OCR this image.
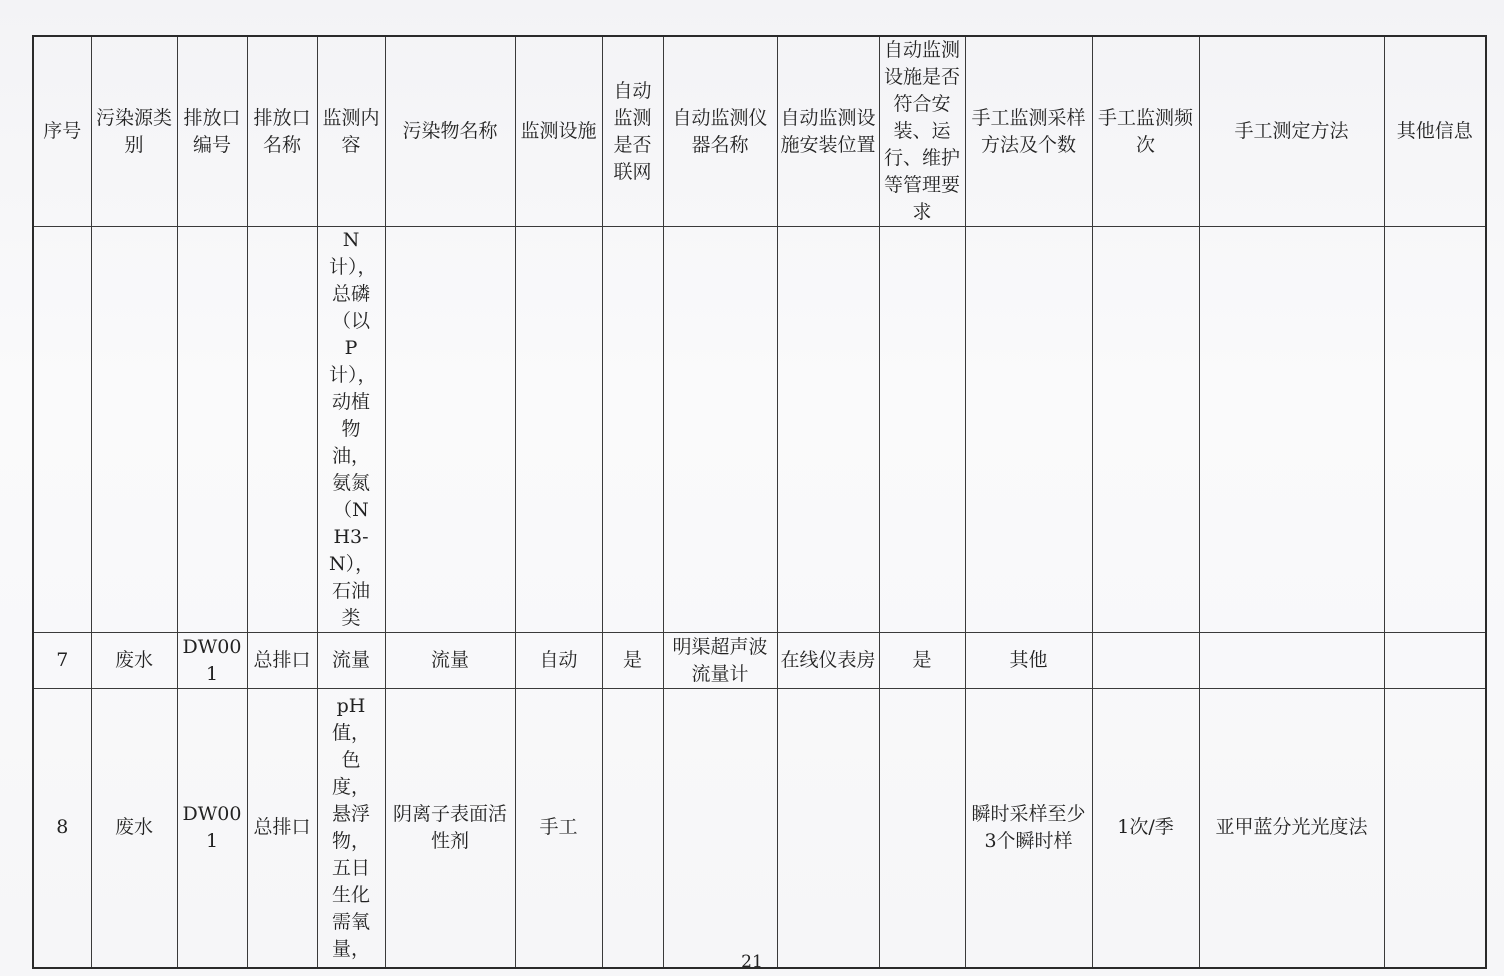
序号	污染源类别	排放口编号	排放口名称	监测内容	污染物名称	监测设施	自动监测是否联网	自动监测仪器名称	自动监测设施安装位置	自动监测设施是否符合安装、运行、维护等管理要求	手工监测采样方法及个数	手工监测频次	手工测定方法	其他信息

				N计），总磷（以P计），动植物油，氨氮（NH3-N），石油类										

7	废水	DW001	总排口	流量	流量	自动	是	明渠超声波流量计	在线仪表房	是	其他			
8	废水	DW001	总排口	pH值，色度，悬浮物，五日生化需氧量，	阴离子表面活性剂	手工					瞬时采样至少3个瞬时样	1次/季	亚甲蓝分光光度法	
21
